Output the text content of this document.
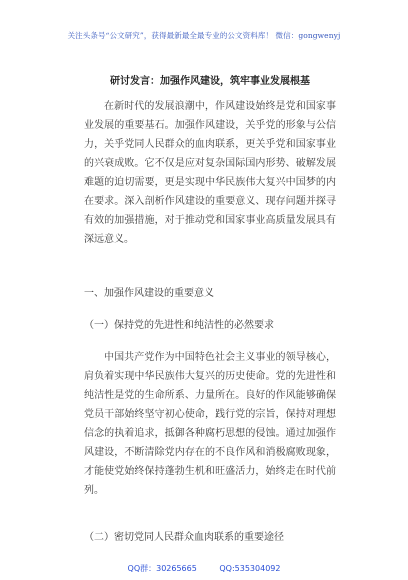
关注头条号“公文研究”，获得最新最全最专业的公文资料库！ 微信：gongwenyj
研讨发言：加强作风建设，筑牢事业发展根基

在新时代的发展浪潮中，作风建设始终是党和国家事业发展的重要基石。加强作风建设，关乎党的形象与公信力，关乎党同人民群众的血肉联系，更关乎党和国家事业的兴衰成败。它不仅是应对复杂国际国内形势、破解发展难题的迫切需要，更是实现中华民族伟大复兴中国梦的内在要求。深入剖析作风建设的重要意义、现存问题并探寻有效的加强措施，对于推动党和国家事业高质量发展具有深远意义。

一、加强作风建设的重要意义
（一）保持党的先进性和纯洁性的必然要求

中国共产党作为中国特色社会主义事业的领导核心，肩负着实现中华民族伟大复兴的历史使命。党的先进性和纯洁性是党的生命所系、力量所在。良好的作风能够确保党员干部始终坚守初心使命，践行党的宗旨，保持对理想信念的执着追求，抵御各种腐朽思想的侵蚀。通过加强作风建设，不断清除党内存在的不良作风和消极腐败现象，才能使党始终保持蓬勃生机和旺盛活力，始终走在时代前列。

（二）密切党同人民群众血肉联系的重要途径
QQ群：30265665	QQ:535304092
